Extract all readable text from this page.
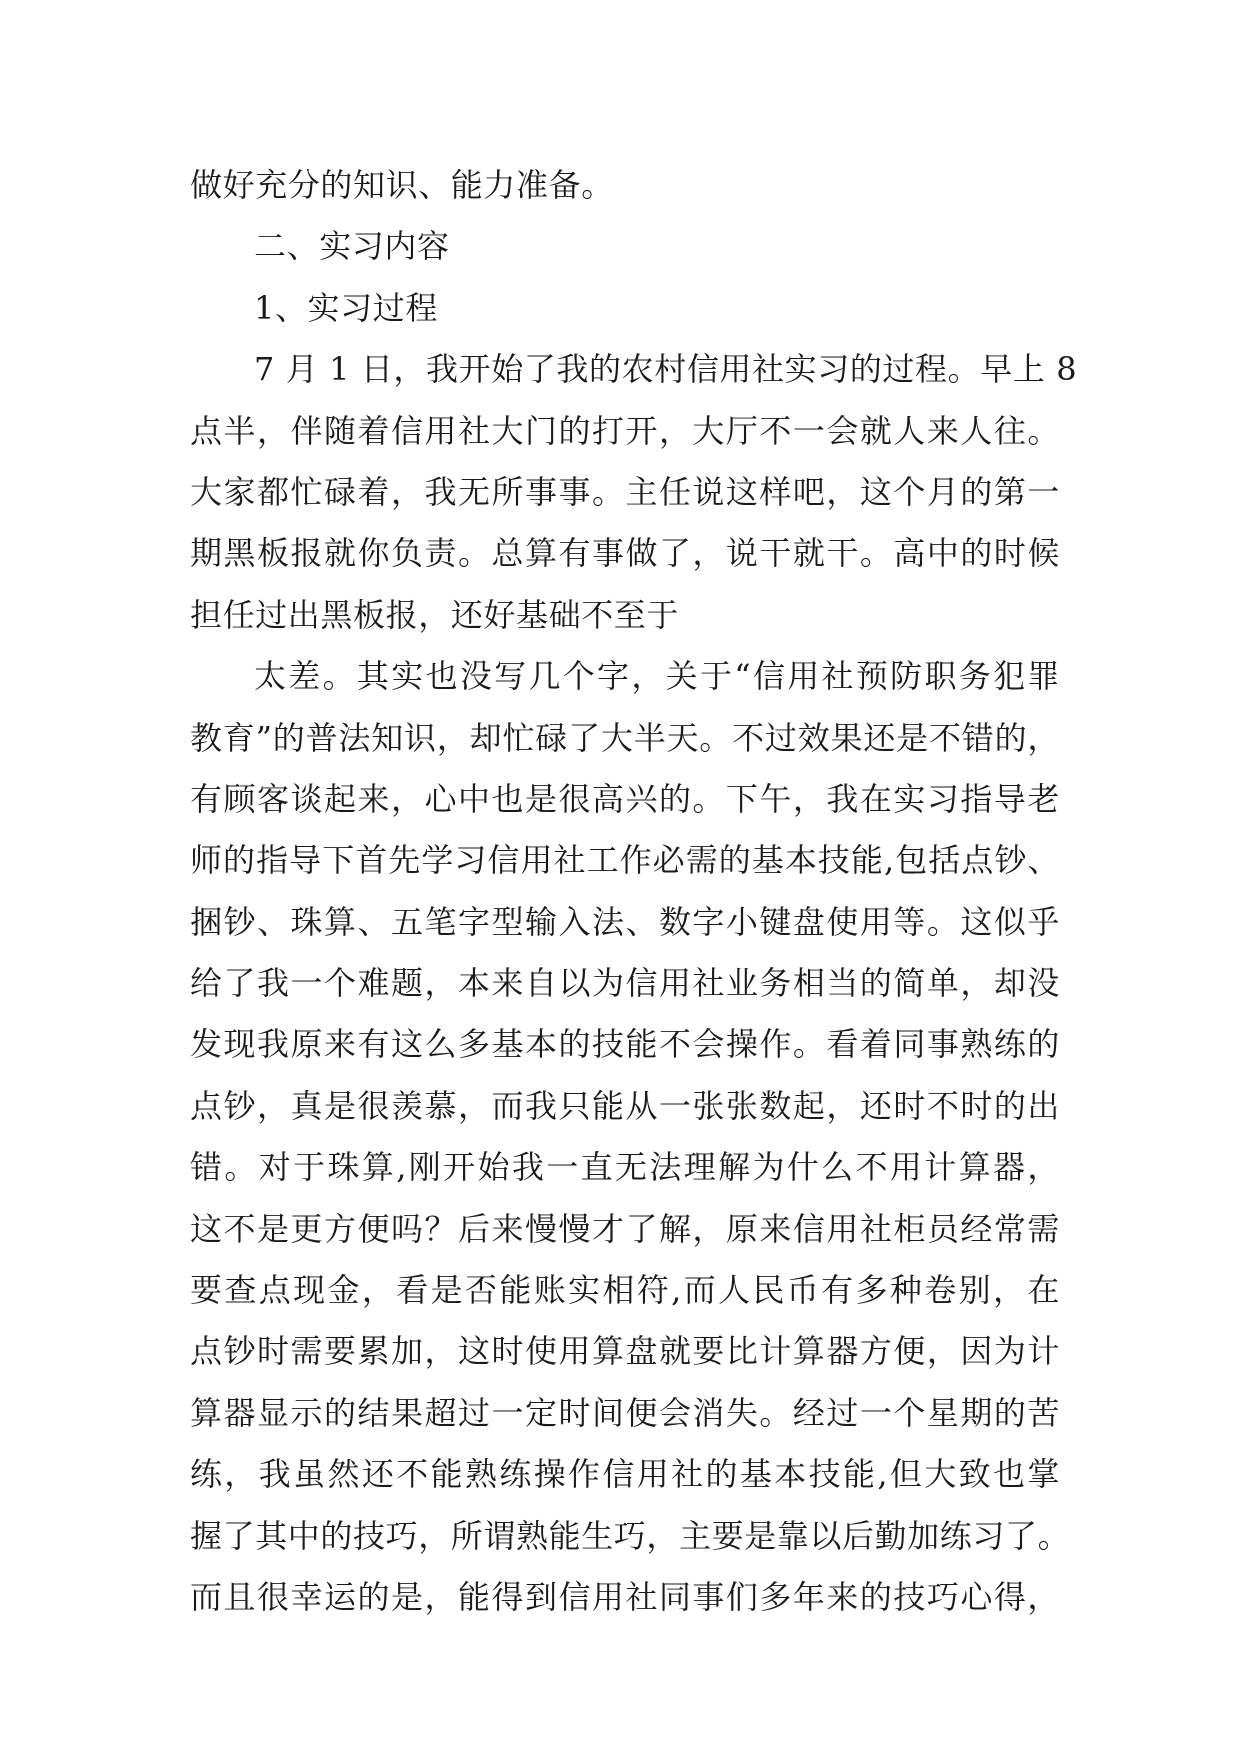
做好充分的知识、能力准备。
二、实习内容
1、实习过程
7 月 1 日，我开始了我的农村信用社实习的过程。早上 8
点半，伴随着信用社大门的打开，大厅不一会就人来人往。
大家都忙碌着，我无所事事。主任说这样吧，这个月的第一
期黑板报就你负责。总算有事做了，说干就干。高中的时候
担任过出黑板报，还好基础不至于
太差。其实也没写几个字，关于“信用社预防职务犯罪
教育”的普法知识，却忙碌了大半天。不过效果还是不错的，
有顾客谈起来，心中也是很高兴的。下午，我在实习指导老
师的指导下首先学习信用社工作必需的基本技能,包括点钞、
捆钞、珠算、五笔字型输入法、数字小键盘使用等。这似乎
给了我一个难题，本来自以为信用社业务相当的简单，却没
发现我原来有这么多基本的技能不会操作。看着同事熟练的
点钞，真是很羡慕，而我只能从一张张数起，还时不时的出
错。对于珠算,刚开始我一直无法理解为什么不用计算器，
这不是更方便吗？后来慢慢才了解，原来信用社柜员经常需
要查点现金，看是否能账实相符,而人民币有多种卷别，在
点钞时需要累加，这时使用算盘就要比计算器方便，因为计
算器显示的结果超过一定时间便会消失。经过一个星期的苦
练，我虽然还不能熟练操作信用社的基本技能,但大致也掌
握了其中的技巧，所谓熟能生巧，主要是靠以后勤加练习了。
而且很幸运的是，能得到信用社同事们多年来的技巧心得，
